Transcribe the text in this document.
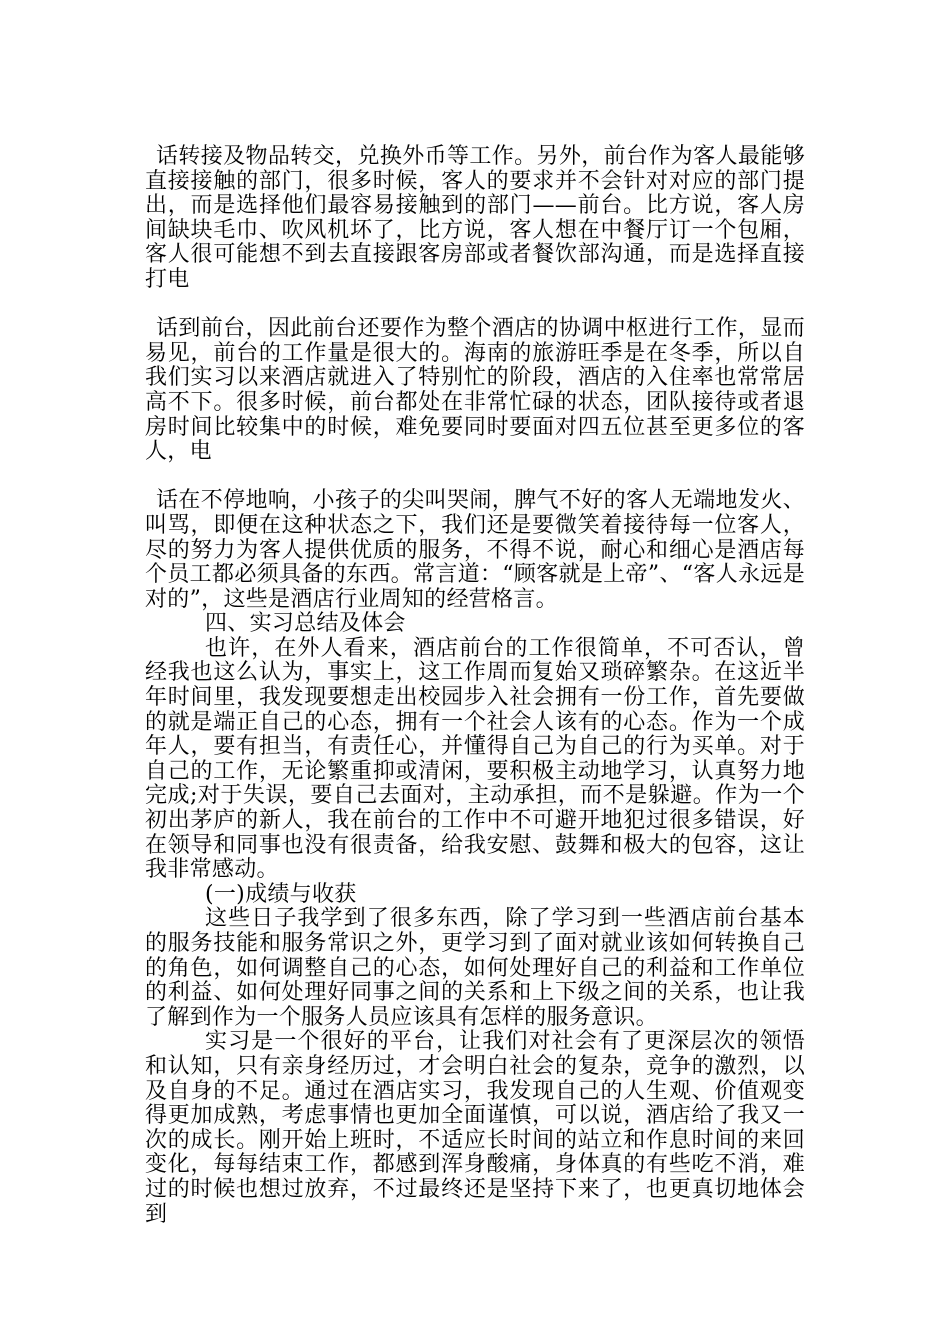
话转接及物品转交，兑换外币等工作。另外，前台作为客人最能够直接接触的部门，很多时候，客人的要求并不会针对对应的部门提出，而是选择他们最容易接触到的部门——前台。比方说，客人房间缺块毛巾、吹风机坏了，比方说，客人想在中餐厅订一个包厢，客人很可能想不到去直接跟客房部或者餐饮部沟通，而是选择直接打电

话到前台，因此前台还要作为整个酒店的协调中枢进行工作，显而易见，前台的工作量是很大的。海南的旅游旺季是在冬季，所以自我们实习以来酒店就进入了特别忙的阶段，酒店的入住率也常常居高不下。很多时候，前台都处在非常忙碌的状态，团队接待或者退房时间比较集中的时候，难免要同时要面对四五位甚至更多位的客人，电

话在不停地响，小孩子的尖叫哭闹，脾气不好的客人无端地发火、叫骂，即便在这种状态之下，我们还是要微笑着接待每一位客人，尽的努力为客人提供优质的服务，不得不说，耐心和细心是酒店每个员工都必须具备的东西。常言道：“顾客就是上帝”、“客人永远是对的”，这些是酒店行业周知的经营格言。

四、实习总结及体会

也许，在外人看来，酒店前台的工作很简单，不可否认，曾经我也这么认为，事实上，这工作周而复始又琐碎繁杂。在这近半年时间里，我发现要想走出校园步入社会拥有一份工作，首先要做的就是端正自己的心态，拥有一个社会人该有的心态。作为一个成年人，要有担当，有责任心，并懂得自己为自己的行为买单。对于自己的工作，无论繁重抑或清闲，要积极主动地学习，认真努力地完成;对于失误，要自己去面对，主动承担，而不是躲避。作为一个初出茅庐的新人，我在前台的工作中不可避开地犯过很多错误，好在领导和同事也没有很责备，给我安慰、鼓舞和极大的包容，这让我非常感动。

(一)成绩与收获

这些日子我学到了很多东西，除了学习到一些酒店前台基本的服务技能和服务常识之外，更学习到了面对就业该如何转换自己的角色，如何调整自己的心态，如何处理好自己的利益和工作单位的利益、如何处理好同事之间的关系和上下级之间的关系，也让我了解到作为一个服务人员应该具有怎样的服务意识。

实习是一个很好的平台，让我们对社会有了更深层次的领悟和认知，只有亲身经历过，才会明白社会的复杂，竞争的激烈，以及自身的不足。通过在酒店实习，我发现自己的人生观、价值观变得更加成熟，考虑事情也更加全面谨慎，可以说，酒店给了我又一次的成长。刚开始上班时，不适应长时间的站立和作息时间的来回变化，每每结束工作，都感到浑身酸痛，身体真的有些吃不消，难过的时候也想过放弃，不过最终还是坚持下来了，也更真切地体会到
